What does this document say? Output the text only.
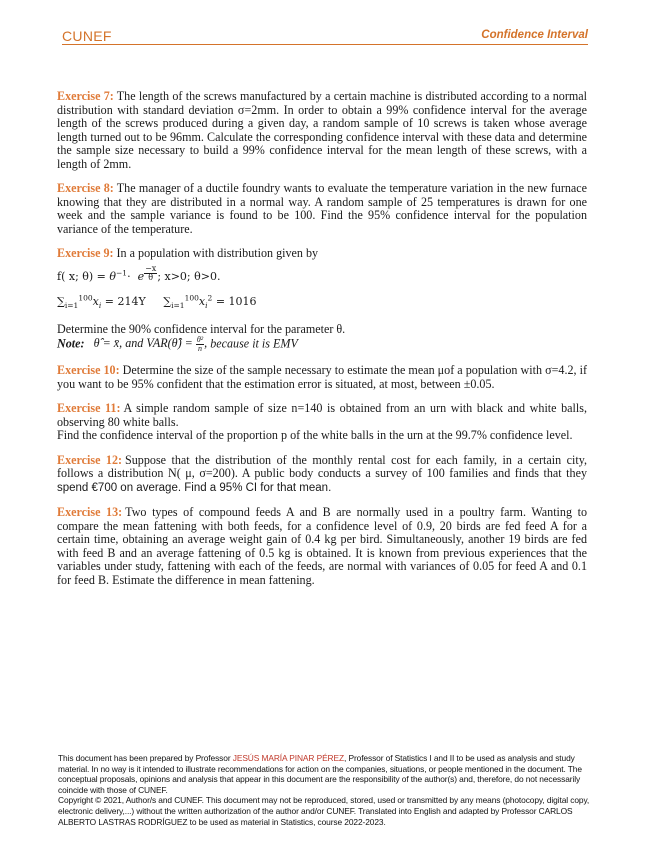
CUNEF	Confidence Interval

Exercise 7: The length of the screws manufactured by a certain machine is distributed according to a normal distribution with standard deviation σ=2mm. In order to obtain a 99% confidence interval for the average length of the screws produced during a given day, a random sample of 10 screws is taken whose average length turned out to be 96mm. Calculate the corresponding confidence interval with these data and determine the sample size necessary to build a 99% confidence interval for the mean length of these screws, with a length of 2mm.

Exercise 8: The manager of a ductile foundry wants to evaluate the temperature variation in the new furnace knowing that they are distributed in a normal way. A random sample of 25 temperatures is drawn for one week and the sample variance is found to be 100. Find the 95% confidence interval for the population variance of the temperature.

Exercise 9: In a population with distribution given by

f( x; $\theta) = \theta^{-1}\cdot e$ $^{\frac{-x}{\theta}}$ ; x>0; θ>0.

$\sum_{i=1}^{100}x_i = 214Y$ $\sum_{i=1}^{100}x_i^2 = 1016$

Determine the 90% confidence interval for the parameter θ.

Note: θ̂ = x̄, and VAR(θ̂) = $\frac{\text{θ²}}{n}$ , because it is EMV

Exercise 10: Determine the size of the sample necessary to estimate the mean μof a population with σ=4.2, if you want to be 95% confident that the estimation error is situated, at most, between ±0.05.

Exercise 11: A simple random sample of size n=140 is obtained from an urn with black and white balls, observing 80 white balls.

Find the confidence interval of the proportion p of the white balls in the urn at the 99.7% confidence level.

Exercise 12: Suppose that the distribution of the monthly rental cost for each family, in a certain city, follows a distribution N( μ, σ=200). A public body conducts a survey of 100 families and finds that they spend €700 on average. Find a 95% CI for that mean.

Exercise 13: Two types of compound feeds A and B are normally used in a poultry farm. Wanting to compare the mean fattening with both feeds, for a confidence level of 0.9, 20 birds are fed feed A for a certain time, obtaining an average weight gain of 0.4 kg per bird. Simultaneously, another 19 birds are fed with feed B and an average fattening of 0.5 kg is obtained. It is known from previous experiences that the variables under study, fattening with each of the feeds, are normal with variances of 0.05 for feed A and 0.1 for feed B. Estimate the difference in mean fattening.

This document has been prepared by Professor JESÚS MARÍA PINAR PÉREZ, Professor of Statistics I and II to be used as analysis and study material. In no way is it intended to illustrate recommendations for action on the companies, situations, or people mentioned in the document. The conceptual proposals, opinions and analysis that appear in this document are the responsibility of the author(s) and, therefore, do not necessarily coincide with those of CUNEF.

Copyright © 2021, Author/s and CUNEF. This document may not be reproduced, stored, used or transmitted by any means (photocopy, digital copy, electronic delivery,...) without the written authorization of the author and/or CUNEF. Translated into English and adapted by Professor CARLOS ALBERTO LASTRAS RODRÍGUEZ to be used as material in Statistics, course 2022-2023.
